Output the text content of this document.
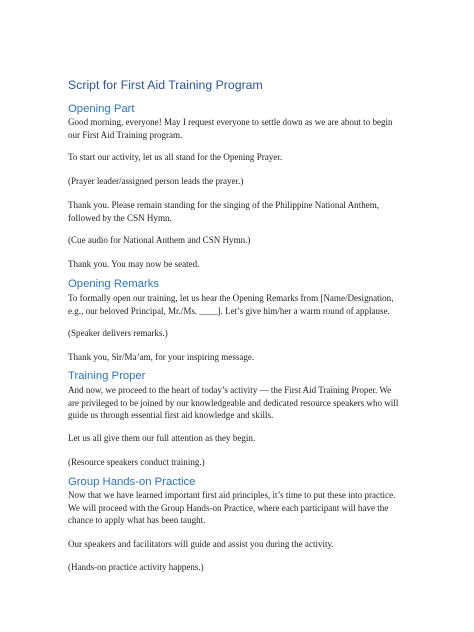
Script for First Aid Training Program
Opening Part

Good morning, everyone! May I request everyone to settle down as we are about to begin
our First Aid Training program.

To start our activity, let us all stand for the Opening Prayer.

(Prayer leader/assigned person leads the prayer.)

Thank you. Please remain standing for the singing of the Philippine National Anthem,
followed by the CSN Hymn.

(Cue audio for National Anthem and CSN Hymn.)

Thank you. You may now be seated.

Opening Remarks

To formally open our training, let us hear the Opening Remarks from [Name/Designation,
e.g., our beloved Principal, Mr./Ms. ____]. Let’s give him/her a warm round of applause.

(Speaker delivers remarks.)

Thank you, Sir/Ma’am, for your inspiring message.

Training Proper

And now, we proceed to the heart of today’s activity — the First Aid Training Proper. We
are privileged to be joined by our knowledgeable and dedicated resource speakers who will
guide us through essential first aid knowledge and skills.

Let us all give them our full attention as they begin.

(Resource speakers conduct training.)

Group Hands-on Practice

Now that we have learned important first aid principles, it’s time to put these into practice.
We will proceed with the Group Hands-on Practice, where each participant will have the
chance to apply what has been taught.

Our speakers and facilitators will guide and assist you during the activity.

(Hands-on practice activity happens.)
